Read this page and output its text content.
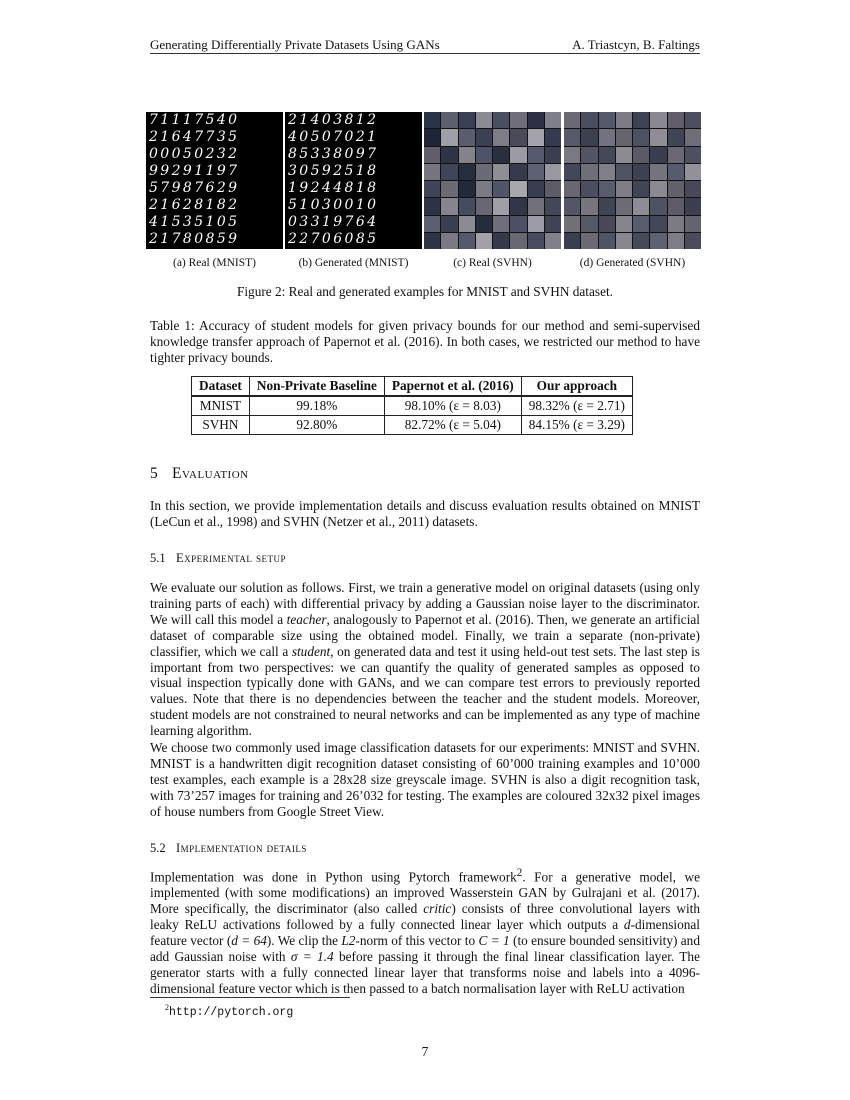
Generating Differentially Private Datasets Using GANs	A. Triastcyn, B. Faltings
71117540
21647735
00050232
99291197
57987629
21628182
41535105
21780859
21403812
40507021
85338097
30592518
19244818
51030010
03319764
22706085
(a) Real (MNIST)	(b) Generated (MNIST)	(c) Real (SVHN)	(d) Generated (SVHN)
Figure 2: Real and generated examples for MNIST and SVHN dataset.
Table 1: Accuracy of student models for given privacy bounds for our method and semi-supervised knowledge transfer approach of Papernot et al. (2016). In both cases, we restricted our method to have tighter privacy bounds.
Dataset	Non-Private Baseline	Papernot et al. (2016)	Our approach
MNIST	99.18%	98.10% (ε = 8.03)	98.32% (ε = 2.71)
SVHN	92.80%	82.72% (ε = 5.04)	84.15% (ε = 3.29)
5 Evaluation
In this section, we provide implementation details and discuss evaluation results obtained on MNIST (LeCun et al., 1998) and SVHN (Netzer et al., 2011) datasets.
5.1 Experimental setup
We evaluate our solution as follows. First, we train a generative model on original datasets (using only training parts of each) with differential privacy by adding a Gaussian noise layer to the discriminator. We will call this model a teacher, analogously to Papernot et al. (2016). Then, we generate an artificial dataset of comparable size using the obtained model. Finally, we train a separate (non-private) classifier, which we call a student, on generated data and test it using held-out test sets. The last step is important from two perspectives: we can quantify the quality of generated samples as opposed to visual inspection typically done with GANs, and we can compare test errors to previously reported values. Note that there is no dependencies between the teacher and the student models. Moreover, student models are not constrained to neural networks and can be implemented as any type of machine learning algorithm.
We choose two commonly used image classification datasets for our experiments: MNIST and SVHN. MNIST is a handwritten digit recognition dataset consisting of 60’000 training examples and 10’000 test examples, each example is a 28x28 size greyscale image. SVHN is also a digit recognition task, with 73’257 images for training and 26’032 for testing. The examples are coloured 32x32 pixel images of house numbers from Google Street View.
5.2 Implementation details
Implementation was done in Python using Pytorch framework$^2$. For a generative model, we implemented (with some modifications) an improved Wasserstein GAN by Gulrajani et al. (2017). More specifically, the discriminator (also called critic) consists of three convolutional layers with leaky ReLU activations followed by a fully connected linear layer which outputs a d-dimensional feature vector (d = 64). We clip the L2-norm of this vector to C = 1 (to ensure bounded sensitivity) and add Gaussian noise with σ = 1.4 before passing it through the final linear classification layer. The generator starts with a fully connected linear layer that transforms noise and labels into a 4096-dimensional feature vector which is then passed to a batch normalisation layer with ReLU activation
$^2$http://pytorch.org
7
